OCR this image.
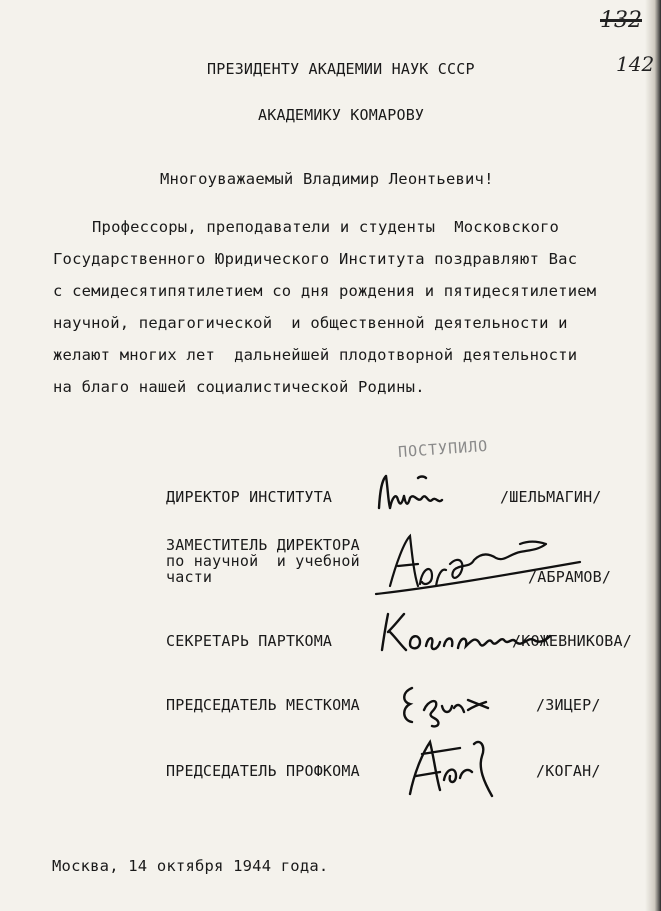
132
142
ПРЕЗИДЕНТУ АКАДЕМИИ НАУК СССР
АКАДЕМИКУ КОМАРОВУ
Многоуважаемый Владимир Леонтьевич!
Профессоры, преподаватели и студенты  Московского
Государственного Юридического Института поздравляют Вас
с семидесятипятилетием со дня рождения и пятидесятилетием
научной, педагогической  и общественной деятельности и
желают многих лет  дальнейшей плодотворной деятельности
на благо нашей социалистической Родины.
ПОСТУПИЛО
ДИРЕКТОР ИНСТИТУТА	/ШЕЛЬМАГИН/
ЗАМЕСТИТЕЛЬ ДИРЕКТОРА
по научной  и учебной
части	/АБРАМОВ/
СЕКРЕТАРЬ ПАРТКОМА	/КОЖЕВНИКОВА/
ПРЕДСЕДАТЕЛЬ МЕСТКОМА	/ЗИЦЕР/
ПРЕДСЕДАТЕЛЬ ПРОФКОМА	/КОГАН/
Москва, 14 октября 1944 года.
